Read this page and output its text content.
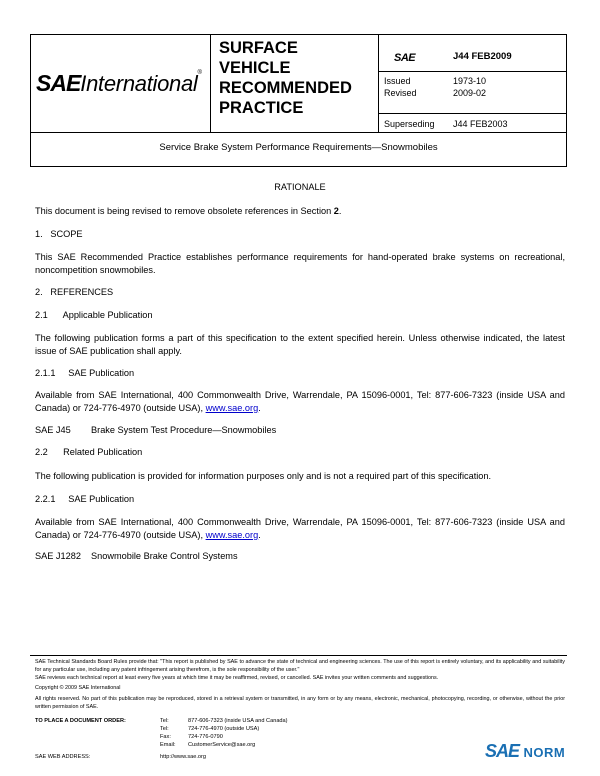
SAEInternational®
SURFACE
VEHICLE
RECOMMENDED
PRACTICE
SAE	J44 FEB2009
Issued	1973-10
Revised	2009-02
Superseding J44 FEB2003
Service Brake System Performance Requirements—Snowmobiles
RATIONALE
This document is being revised to remove obsolete references in Section 2.
1.   SCOPE
This SAE Recommended Practice establishes performance requirements for hand-operated brake systems on recreational, noncompetition snowmobiles.
2.   REFERENCES
2.1      Applicable Publication
The following publication forms a part of this specification to the extent specified herein. Unless otherwise indicated, the latest issue of SAE publication shall apply.
2.1.1     SAE Publication
Available from SAE International, 400 Commonwealth Drive, Warrendale, PA 15096-0001, Tel: 877-606-7323 (inside USA and Canada) or 724-776-4970 (outside USA), www.sae.org.
SAE J45 Brake System Test Procedure—Snowmobiles
2.2      Related Publication
The following publication is provided for information purposes only and is not a required part of this specification.
2.2.1     SAE Publication
Available from SAE International, 400 Commonwealth Drive, Warrendale, PA 15096-0001, Tel: 877-606-7323 (inside USA and Canada) or 724-776-4970 (outside USA), www.sae.org.
SAE J1282 Snowmobile Brake Control Systems
SAE Technical Standards Board Rules provide that: "This report is published by SAE to advance the state of technical and engineering sciences. The use of this report is entirely voluntary, and its applicability and suitability for any particular use, including any patent infringement arising therefrom, is the sole responsibility of the user."
SAE reviews each technical report at least every five years at which time it may be reaffirmed, revised, or cancelled. SAE invites your written comments and suggestions.
Copyright © 2009 SAE International
All rights reserved. No part of this publication may be reproduced, stored in a retrieval system or transmitted, in any form or by any means, electronic, mechanical, photocopying, recording, or otherwise, without the prior written permission of SAE.
TO PLACE A DOCUMENT ORDER:	Tel:	877-606-7323 (inside USA and Canada)
Tel:	724-776-4970 (outside USA)
Fax:	724-776-0790
Email: CustomerService@sae.org
SAE WEB ADDRESS:	http://www.sae.org	SAE NORM
